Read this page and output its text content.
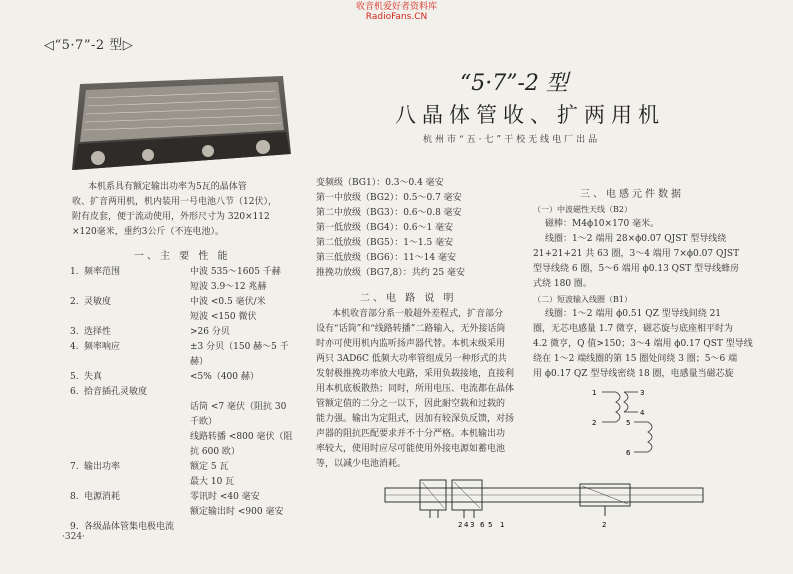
收音机爱好者资料库
RadioFans.CN
◁“5·7”-2 型▷
“5·7”-2 型
八晶体管收、扩两用机
杭州市“五·七”干校无线电厂出品
本机系具有额定输出功率为5瓦的晶体管
收、扩音两用机，机内装用一号电池八节（12伏），
附有皮套，便于流动使用，外形尺寸为 320×112
×120毫米，重约3公斤（不连电池）。
一、主 要 性 能
1. 频率范围	中波 535～1605 千赫
短波 3.9～12 兆赫
2. 灵敏度	中波 <0.5 毫伏/米
短波 <150 微伏
3. 选择性	>26 分贝
4. 频率响应	±3 分贝（150 赫～5 千
赫）
5. 失真	<5%（400 赫）
6. 拾音插孔灵敏度
话筒 <7 毫伏（阻抗 30
千欧）
线路转播 <800 毫伏（阻
抗 600 欧）
7. 输出功率	额定 5 瓦
最大 10 瓦
8. 电源消耗	零讯时 <40 毫安
额定输出时 <900 毫安
9. 各级晶体管集电极电流
变频级（BG1）：0.3～0.4 毫安
第一中放级（BG2）：0.5～0.7 毫安
第二中放级（BG3）：0.6～0.8 毫安
第一低放级（BG4）：0.6～1 毫安
第二低放级（BG5）：1～1.5 毫安
第三低放级（BG6）：11～14 毫安
推挽功放级（BG7,8）：共约 25 毫安
二、电 路 说 明
本机收音部分系一般超外差程式，扩音部分
设有“话筒”和“线路转播”二路输入，无外接话筒
时亦可使用机内监听扬声器代替。本机末级采用
两只 3AD6C 低频大功率管组成另一种形式的共
发射极推挽功率放大电路，采用负载接地，直接利
用本机底板散热；同时，所用电压、电流都在晶体
管额定值的二分之一以下，因此耐空载和过载的
能力强。输出为定阻式，因加有较深负反馈，对扬
声器的阻抗匹配要求并不十分严格。本机输出功
率较大，使用时应尽可能使用外接电源如蓄电池
等，以减少电池消耗。
三、电感元件数据
（一）中波磁性天线（B2）
磁棒：M4ϕ10×170 毫米。
线圈：1～2 端用 28×ϕ0.07 QJST 型导线绕
21+21+21 共 63 圈，3～4 端用 7×ϕ0.07 QJST
型导线绕 6 圈，5～6 端用 ϕ0.13 QST 型导线蜂房
式绕 180 圈。
（二）短波输入线圈（B1）
线圈：1～2 端用 ϕ0.51 QZ 型导线间绕 21
圈，无芯电感量 1.7 微亨，磁芯旋与底座相平时为
4.2 微亨，Q 值>150；3～4 端用 ϕ0.17 QST 型导线
绕在 1～2 端线圈的第 15 圈处间绕 3 圈；5～6 端
用 ϕ0.17 QZ 型导线密绕 18 圈，电感量当磁芯旋
1	3
4
5
6
2
2 4 3 6 5 1	2
·324·
